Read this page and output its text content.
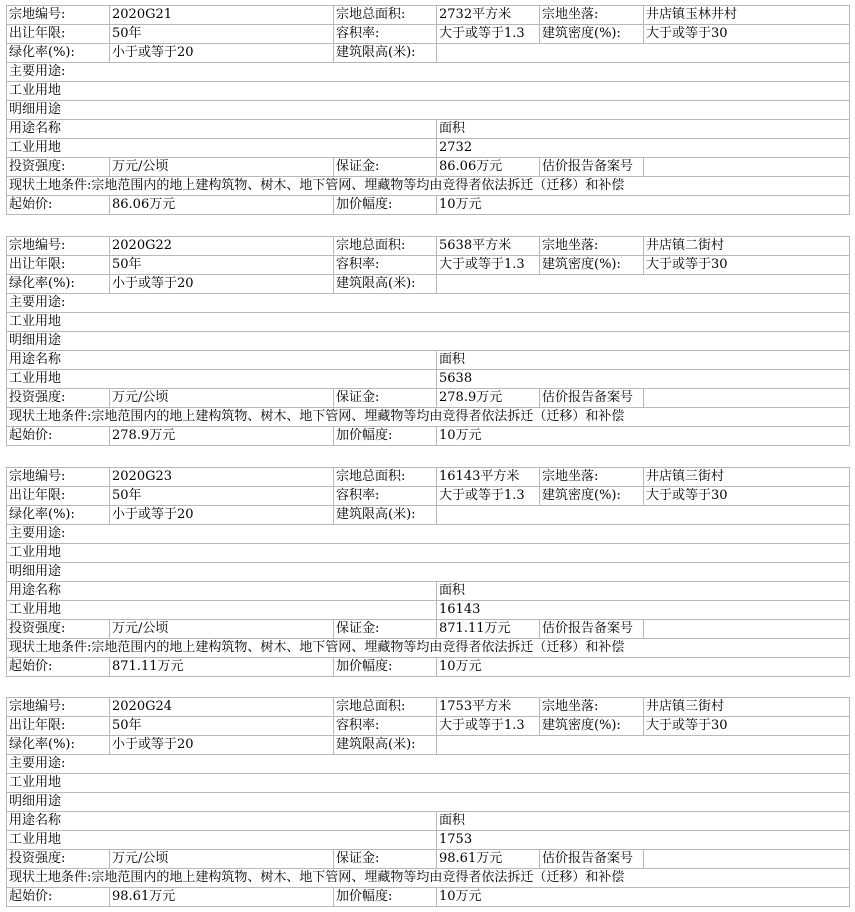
宗地编号:	2020G21	宗地总面积:	2732平方米	宗地坐落:	井店镇玉林井村
出让年限:	50年	容积率:	大于或等于1.3	建筑密度(%):	大于或等于30
绿化率(%):	小于或等于20	建筑限高(米):			
主要用途:					
工业用地					
明细用途					
用途名称			面积		
工业用地			2732		
投资强度:	万元/公顷	保证金:	86.06万元	估价报告备案号	
现状土地条件:宗地范围内的地上建构筑物、树木、地下管网、埋藏物等均由竞得者依法拆迁（迁移）和补偿					
起始价:	86.06万元	加价幅度:	10万元		
宗地编号:	2020G22	宗地总面积:	5638平方米	宗地坐落:	井店镇二街村
出让年限:	50年	容积率:	大于或等于1.3	建筑密度(%):	大于或等于30
绿化率(%):	小于或等于20	建筑限高(米):			
主要用途:					
工业用地					
明细用途					
用途名称			面积		
工业用地			5638		
投资强度:	万元/公顷	保证金:	278.9万元	估价报告备案号	
现状土地条件:宗地范围内的地上建构筑物、树木、地下管网、埋藏物等均由竞得者依法拆迁（迁移）和补偿					
起始价:	278.9万元	加价幅度:	10万元		
宗地编号:	2020G23	宗地总面积:	16143平方米	宗地坐落:	井店镇三街村
出让年限:	50年	容积率:	大于或等于1.3	建筑密度(%):	大于或等于30
绿化率(%):	小于或等于20	建筑限高(米):			
主要用途:					
工业用地					
明细用途					
用途名称			面积		
工业用地			16143		
投资强度:	万元/公顷	保证金:	871.11万元	估价报告备案号	
现状土地条件:宗地范围内的地上建构筑物、树木、地下管网、埋藏物等均由竞得者依法拆迁（迁移）和补偿					
起始价:	871.11万元	加价幅度:	10万元		
宗地编号:	2020G24	宗地总面积:	1753平方米	宗地坐落:	井店镇三街村
出让年限:	50年	容积率:	大于或等于1.3	建筑密度(%):	大于或等于30
绿化率(%):	小于或等于20	建筑限高(米):			
主要用途:					
工业用地					
明细用途					
用途名称			面积		
工业用地			1753		
投资强度:	万元/公顷	保证金:	98.61万元	估价报告备案号	
现状土地条件:宗地范围内的地上建构筑物、树木、地下管网、埋藏物等均由竞得者依法拆迁（迁移）和补偿					
起始价:	98.61万元	加价幅度:	10万元		
